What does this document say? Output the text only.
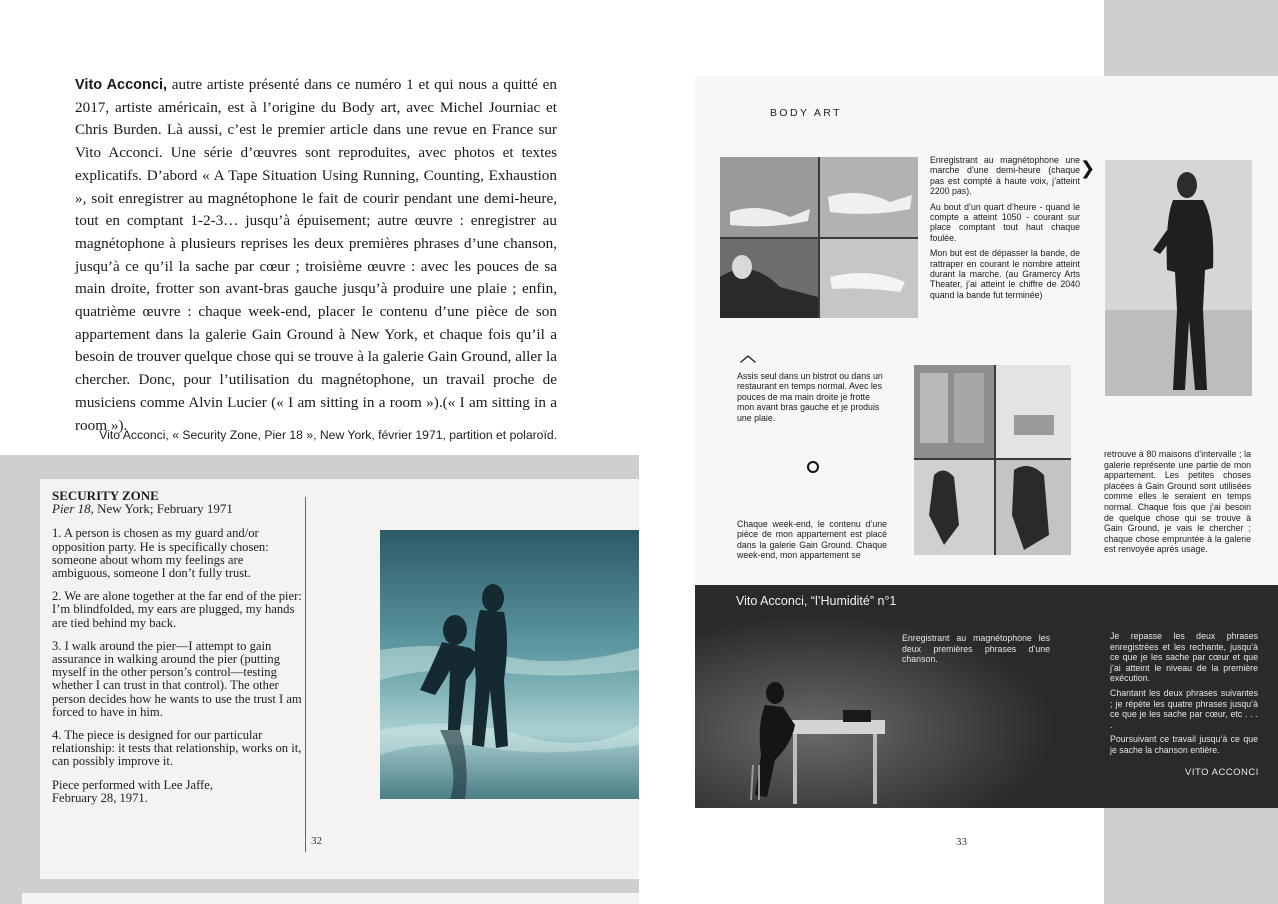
Vito Acconci, autre artiste présenté dans ce numéro 1 et qui nous a quitté en 2017, artiste américain, est à l’origine du Body art, avec Michel Journiac et Chris Burden. Là aussi, c’est le premier article dans une revue en France sur Vito Acconci. Une série d’œuvres sont reproduites, avec photos et textes explicatifs. D’abord « A Tape Situation Using Running, Counting, Exhaustion », soit enregistrer au magnétophone le fait de courir pendant une demi-heure, tout en comptant 1-2-3… jusqu’à épuisement; autre œuvre : enregistrer au magnétophone à plusieurs reprises les deux premières phrases d’une chanson, jusqu’à ce qu’il la sache par cœur ; troisième œuvre : avec les pouces de sa main droite, frotter son avant-bras gauche jusqu’à produire une plaie ; enfin, quatrième œuvre : chaque week-end, placer le contenu d’une pièce de son appartement dans la galerie Gain Ground à New York, et chaque fois qu’il a besoin de trouver quelque chose qui se trouve à la galerie Gain Ground, aller la chercher. Donc, pour l’utilisation du magnétophone, un travail proche de musiciens comme Alvin Lucier (« I am sitting in a room »).(« I am sitting in a room »).
Vito Acconci, « Security Zone, Pier 18 », New York, février 1971, partition et polaroïd.
SECURITY ZONE
Pier 18, New York; February 1971

1. A person is chosen as my guard and/or opposition party. He is specifically chosen: someone about whom my feelings are ambiguous, someone I don’t fully trust.

2. We are alone together at the far end of the pier: I’m blindfolded, my ears are plugged, my hands are tied behind my back.

3. I walk around the pier—I attempt to gain assurance in walking around the pier (putting myself in the other person’s control—testing whether I can trust in that control). The other person decides how he wants to use the trust I am forced to have in him.

4. The piece is designed for our particular relationship: it tests that relationship, works on it, can possibly improve it.

Piece performed with Lee Jaffe, February 28, 1971.

32
BODY ART

Enregistrant au magnétophone une marche d’une demi-heure (chaque pas est compté à haute voix, j’atteint 2200 pas).

Au bout d’un quart d’heure - quand le compte a atteint 1050 - courant sur place comptant tout haut chaque foulée.

Mon but est de dépasser la bande, de rattraper en courant le nombre atteint durant la marche. (au Gramercy Arts Theater, j’ai atteint le chiffre de 2040 quand la bande fut terminée)

❯
︿
Assis seul dans un bistrot ou dans un restaurant en temps normal. Avec les pouces de ma main droite je frotte mon avant bras gauche et je produis une plaie.
Chaque week-end, le contenu d’une pièce de mon appartement est placé dans la galerie Gain Ground. Chaque week-end, mon appartement se
retrouve à 80 maisons d’intervalle ; la galerie représente une partie de mon appartement. Les petites choses placées à Gain Ground sont utilisées comme elles le seraient en temps normal. Chaque fois que j’ai besoin de quelque chose qui se trouve à Gain Ground, je vais le chercher ; chaque chose empruntée à la galerie est renvoyée après usage.
Vito Acconci, “l’Humidité” n°1
Enregistrant au magnétophone les deux premières phrases d’une chanson.

Je repasse les deux phrases enregistrées et les rechante, jusqu’à ce que je les sache par cœur et que j’ai atteint le niveau de la première exécution.

Chantant les deux phrases suivantes ; je répète les quatre phrases jusqu’à ce que je les sache par cœur, etc . . . .

Poursuivant ce travail jusqu’à ce que je sache la chanson entière.

VITO ACCONCI
33
